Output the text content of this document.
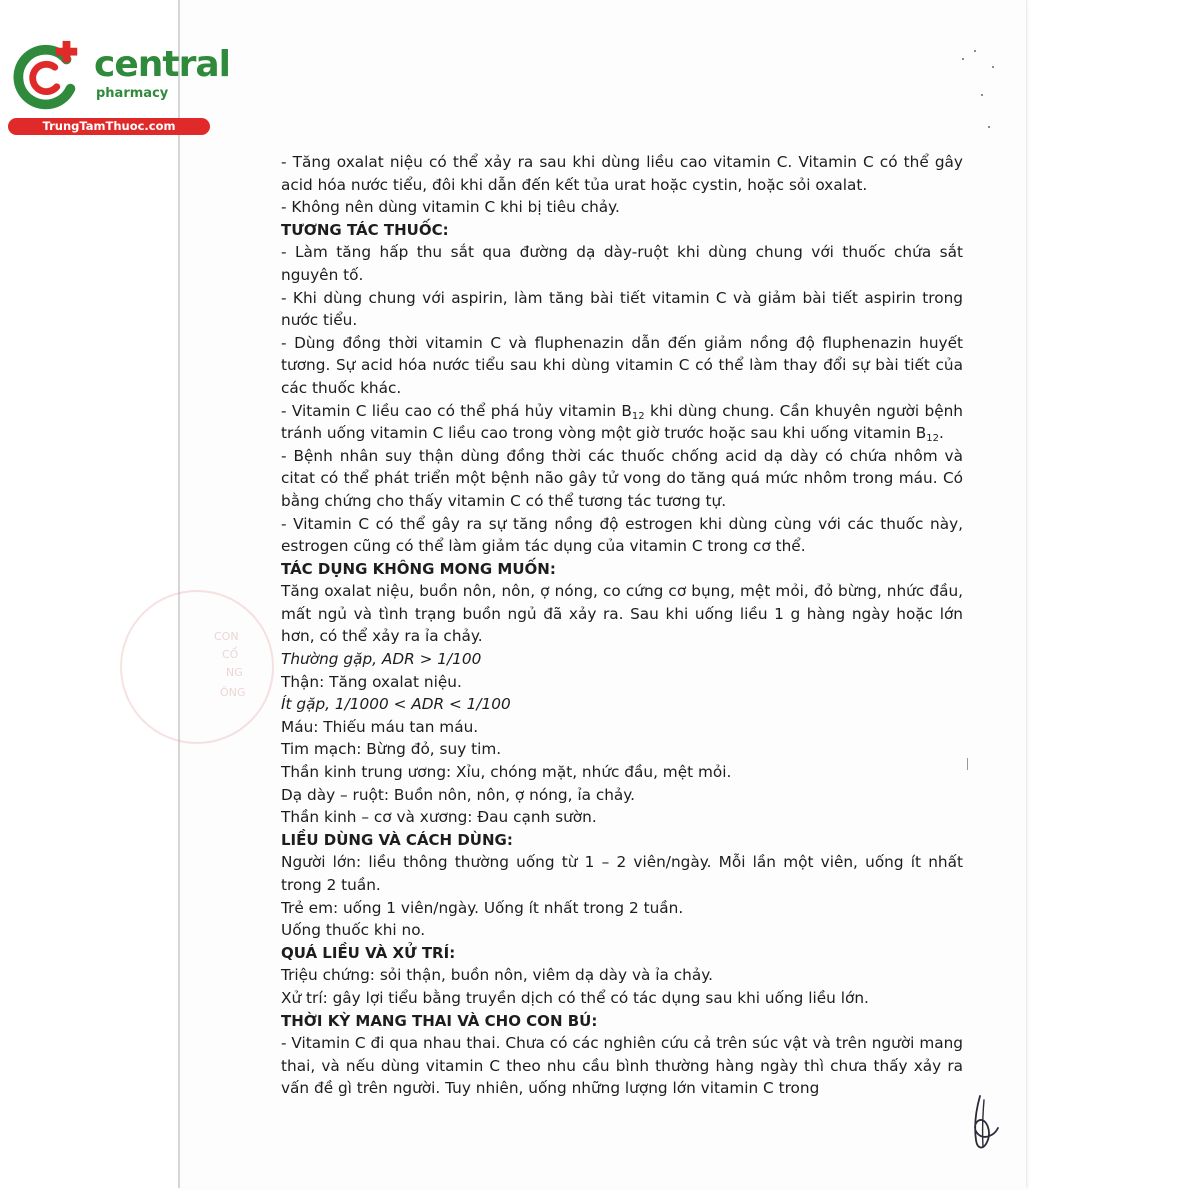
central
pharmacy
TrungTamThuoc.com
CON
CỔ
NG
ÔNG

- Tăng oxalat niệu có thể xảy ra sau khi dùng liều cao vitamin C. Vitamin C có thể gây acid hóa nước tiểu, đôi khi dẫn đến kết tủa urat hoặc cystin, hoặc sỏi oxalat.

- Không nên dùng vitamin C khi bị tiêu chảy.

TƯƠNG TÁC THUỐC:

- Làm tăng hấp thu sắt qua đường dạ dày-ruột khi dùng chung với thuốc chứa sắt nguyên tố.

- Khi dùng chung với aspirin, làm tăng bài tiết vitamin C và giảm bài tiết aspirin trong nước tiểu.

- Dùng đồng thời vitamin C và fluphenazin dẫn đến giảm nồng độ fluphenazin huyết tương. Sự acid hóa nước tiểu sau khi dùng vitamin C có thể làm thay đổi sự bài tiết của các thuốc khác.

- Vitamin C liều cao có thể phá hủy vitamin $B_{12}$ khi dùng chung. Cần khuyên người bệnh tránh uống vitamin C liều cao trong vòng một giờ trước hoặc sau khi uống vitamin $B_{12}$.

- Bệnh nhân suy thận dùng đồng thời các thuốc chống acid dạ dày có chứa nhôm và citat có thể phát triển một bệnh não gây tử vong do tăng quá mức nhôm trong máu. Có bằng chứng cho thấy vitamin C có thể tương tác tương tự.

- Vitamin C có thể gây ra sự tăng nồng độ estrogen khi dùng cùng với các thuốc này, estrogen cũng có thể làm giảm tác dụng của vitamin C trong cơ thể.

TÁC DỤNG KHÔNG MONG MUỐN:

Tăng oxalat niệu, buồn nôn, nôn, ợ nóng, co cứng cơ bụng, mệt mỏi, đỏ bừng, nhức đầu, mất ngủ và tình trạng buồn ngủ đã xảy ra. Sau khi uống liều 1 g hàng ngày hoặc lớn hơn, có thể xảy ra ỉa chảy.

Thường gặp, ADR > 1/100

Thận: Tăng oxalat niệu.

Ít gặp, 1/1000 < ADR < 1/100

Máu: Thiếu máu tan máu.

Tim mạch: Bừng đỏ, suy tim.

Thần kinh trung ương: Xỉu, chóng mặt, nhức đầu, mệt mỏi.

Dạ dày – ruột: Buồn nôn, nôn, ợ nóng, ỉa chảy.

Thần kinh – cơ và xương: Đau cạnh sườn.

LIỀU DÙNG VÀ CÁCH DÙNG:

Người lớn: liều thông thường uống từ 1 – 2 viên/ngày. Mỗi lần một viên, uống ít nhất trong 2 tuần.

Trẻ em: uống 1 viên/ngày. Uống ít nhất trong 2 tuần.

Uống thuốc khi no.

QUÁ LIỀU VÀ XỬ TRÍ:

Triệu chứng: sỏi thận, buồn nôn, viêm dạ dày và ỉa chảy.

Xử trí: gây lợi tiểu bằng truyền dịch có thể có tác dụng sau khi uống liều lớn.

THỜI KỲ MANG THAI VÀ CHO CON BÚ:

- Vitamin C đi qua nhau thai. Chưa có các nghiên cứu cả trên súc vật và trên người mang thai, và nếu dùng vitamin C theo nhu cầu bình thường hàng ngày thì chưa thấy xảy ra vấn đề gì trên người. Tuy nhiên, uống những lượng lớn vitamin C trong
